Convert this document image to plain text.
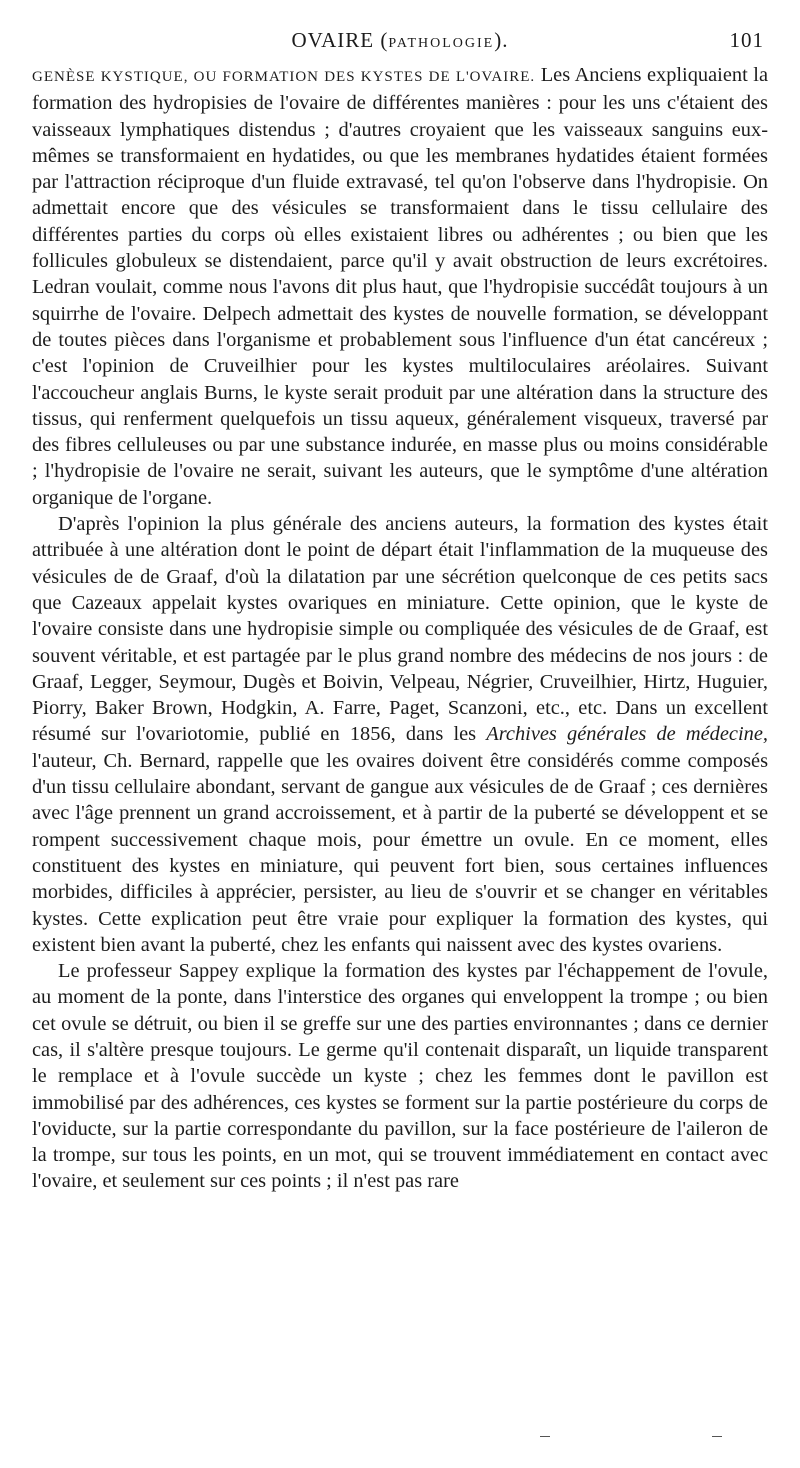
OVAIRE (PATHOLOGIE).	101

GENÈSE KYSTIQUE, OU FORMATION DES KYSTES DE L'OVAIRE. Les Anciens expliquaient la formation des hydropisies de l'ovaire de différentes manières : pour les uns c'étaient des vaisseaux lymphatiques distendus ; d'autres croyaient que les vaisseaux sanguins eux-mêmes se transformaient en hydatides, ou que les membranes hydatides étaient formées par l'attraction réciproque d'un fluide extravasé, tel qu'on l'observe dans l'hydropisie. On admettait encore que des vésicules se transformaient dans le tissu cellulaire des différentes parties du corps où elles existaient libres ou adhérentes ; ou bien que les follicules globuleux se distendaient, parce qu'il y avait obstruction de leurs excrétoires. Ledran voulait, comme nous l'avons dit plus haut, que l'hydropisie succédât toujours à un squirrhe de l'ovaire. Delpech admettait des kystes de nouvelle formation, se développant de toutes pièces dans l'organisme et probablement sous l'influence d'un état cancéreux ; c'est l'opinion de Cruveilhier pour les kystes multiloculaires aréolaires. Suivant l'accoucheur anglais Burns, le kyste serait produit par une altération dans la structure des tissus, qui renferment quelquefois un tissu aqueux, généralement visqueux, traversé par des fibres celluleuses ou par une substance indurée, en masse plus ou moins considérable ; l'hydropisie de l'ovaire ne serait, suivant les auteurs, que le symptôme d'une altération organique de l'organe.

D'après l'opinion la plus générale des anciens auteurs, la formation des kystes était attribuée à une altération dont le point de départ était l'inflammation de la muqueuse des vésicules de de Graaf, d'où la dilatation par une sécrétion quelconque de ces petits sacs que Cazeaux appelait kystes ovariques en miniature. Cette opinion, que le kyste de l'ovaire consiste dans une hydropisie simple ou compliquée des vésicules de de Graaf, est souvent véritable, et est partagée par le plus grand nombre des médecins de nos jours : de Graaf, Legger, Seymour, Dugès et Boivin, Velpeau, Négrier, Cruveilhier, Hirtz, Huguier, Piorry, Baker Brown, Hodgkin, A. Farre, Paget, Scanzoni, etc., etc. Dans un excellent résumé sur l'ovariotomie, publié en 1856, dans les Archives générales de médecine, l'auteur, Ch. Bernard, rappelle que les ovaires doivent être considérés comme composés d'un tissu cellulaire abondant, servant de gangue aux vésicules de de Graaf ; ces dernières avec l'âge prennent un grand accroissement, et à partir de la puberté se développent et se rompent successivement chaque mois, pour émettre un ovule. En ce moment, elles constituent des kystes en miniature, qui peuvent fort bien, sous certaines influences morbides, difficiles à apprécier, persister, au lieu de s'ouvrir et se changer en véritables kystes. Cette explication peut être vraie pour expliquer la formation des kystes, qui existent bien avant la puberté, chez les enfants qui naissent avec des kystes ovariens.

Le professeur Sappey explique la formation des kystes par l'échappement de l'ovule, au moment de la ponte, dans l'interstice des organes qui enveloppent la trompe ; ou bien cet ovule se détruit, ou bien il se greffe sur une des parties environnantes ; dans ce dernier cas, il s'altère presque toujours. Le germe qu'il contenait disparaît, un liquide transparent le remplace et à l'ovule succède un kyste ; chez les femmes dont le pavillon est immobilisé par des adhérences, ces kystes se forment sur la partie postérieure du corps de l'oviducte, sur la partie correspondante du pavillon, sur la face postérieure de l'aileron de la trompe, sur tous les points, en un mot, qui se trouvent immédiatement en contact avec l'ovaire, et seulement sur ces points ; il n'est pas rare
